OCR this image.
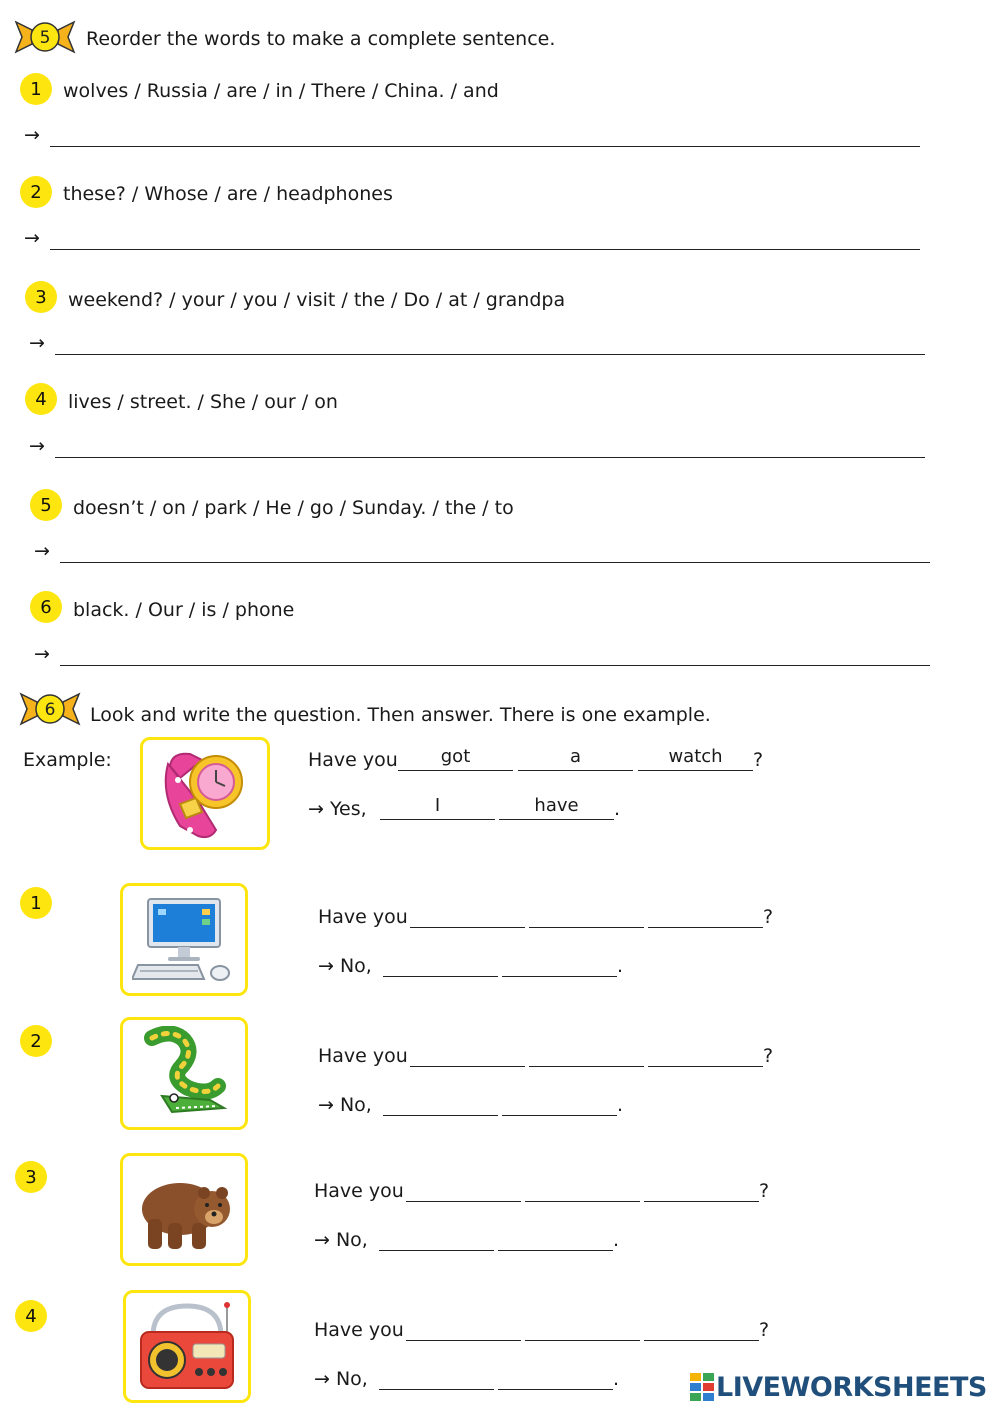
5 Reorder the words to make a complete sentence.
1	wolves / Russia / are / in / There / China. / and
→
2	these? / Whose / are / headphones
→
3	weekend? / your / you / visit / the / Do / at / grandpa
→
4	lives / street. / She / our / on
→
5	doesn’t / on / park / He / go / Sunday. / the / to
→
6	black. / Our / is / phone
→
6 Look and write the question. Then answer. There is one example.
Example:	Have you	got	a	watch	?
→ Yes,	I	have	.
1
Have you	?
→ No,	.
2
Have you	?
→ No,	.
3
Have you	?
→ No,	.
4
Have you	?
→ No,	.	LIVEWORKSHEETS
